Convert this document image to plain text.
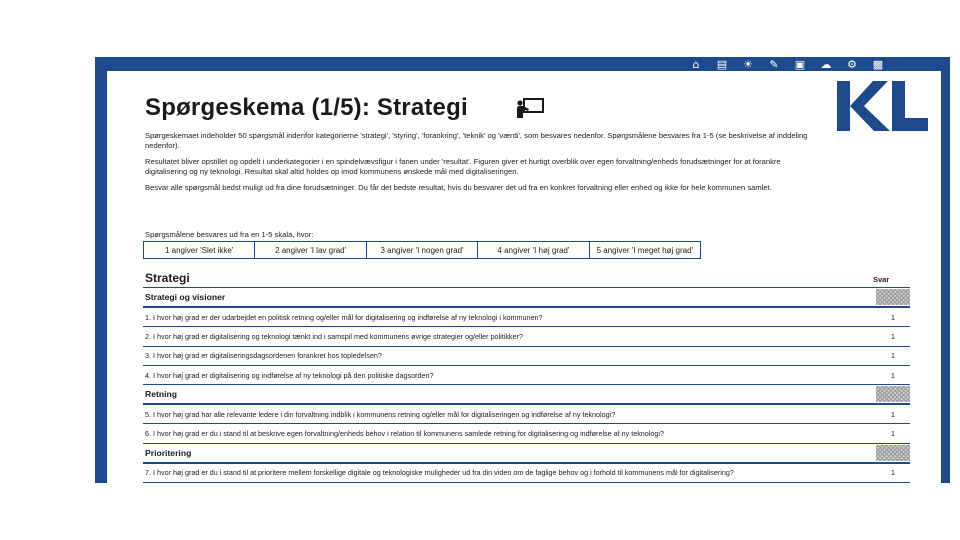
⌂	▤	☀	✎	▣	☁	⚙	▩
Spørgeskema (1/5): Strategi

Spørgeskemaet indeholder 50 spørgsmål indenfor kategorierne 'strategi', 'styring', 'forankring', 'teknik' og 'værdi', som besvares nedenfor. Spørgsmålene besvares fra 1-5 (se beskrivelse af inddeling nedenfor).

Resultatet bliver opstillet og opdelt i underkategorier i en spindelvævsfigur i fanen under 'resultat'. Figuren giver et hurtigt overblik over egen forvaltning/enheds forudsætninger for at forankre digitalisering og ny teknologi. Resultat skal altid holdes op imod kommunens ønskede mål med digitaliseringen.

Besvar alle spørgsmål bedst muligt ud fra dine forudsætninger. Du får det bedste resultat, hvis du besvarer det ud fra en konkret forvaltning eller enhed og ikke for hele kommunen samlet.

Spørgsmålene besvares ud fra en 1-5 skala, hvor:
1 angiver 'Slet ikke'	2 angiver 'I lav grad'	3 angiver 'I nogen grad'	4 angiver 'I høj grad'	5 angiver 'I meget høj grad'
Strategi	Svar
Strategi og visioner
1. I hvor høj grad er der udarbejdet en politisk retning og/eller mål for digitalisering og indførelse af ny teknologi i kommunen?	1
2. I hvor høj grad er digitalisering og teknologi tænkt ind i samspil med kommunens øvrige strategier og/eller politikker?	1
3. I hvor høj grad er digitaliseringsdagsordenen forankret hos topledelsen?	1
4. I hvor høj grad er digitalisering og indførelse af ny teknologi på den politiske dagsorden?	1
Retning
5. I hvor høj grad har alle relevante ledere i din forvaltning indblik i kommunens retning og/eller mål for digitaliseringen og indførelse af ny teknologi?	1
6. I hvor høj grad er du i stand til at beskrive egen forvaltning/enheds behov i relation til kommunens samlede retning for digitalisering og indførelse af ny teknologi?	1
Prioritering
7. I hvor høj grad er du i stand til at prioritere mellem forskellige digitale og teknologiske muligheder ud fra din viden om de faglige behov og i forhold til kommunens mål for digitalisering?	1
